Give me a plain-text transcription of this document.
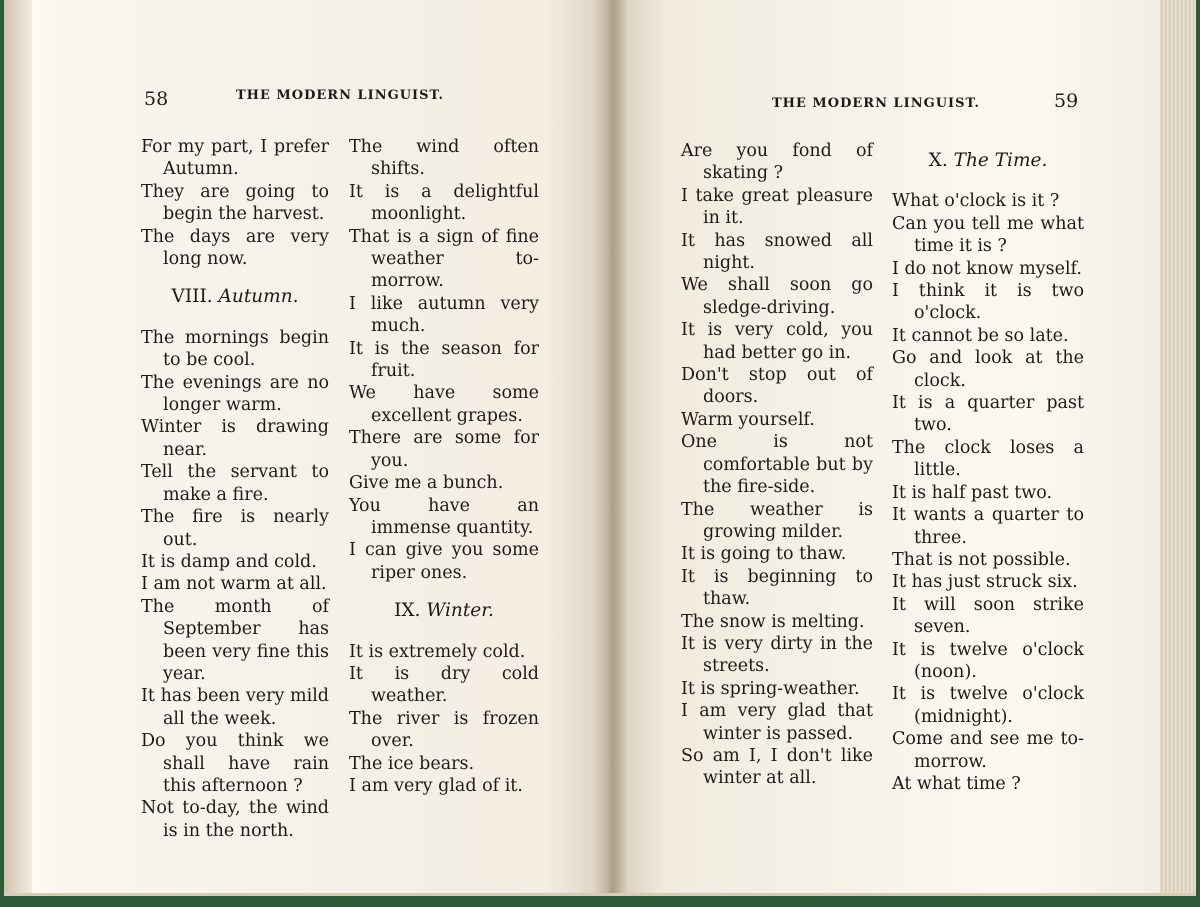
58	THE MODERN LINGUIST.

For my part, I prefer Autumn.

They are going to begin the harvest.

The days are very long now.

VIII. Autumn.

The mornings begin to be cool.

The evenings are no longer warm.

Winter is drawing near.

Tell the servant to make a fire.

The fire is nearly out.

It is damp and cold.

I am not warm at all.

The month of September has been very fine this year.

It has been very mild all the week.

Do you think we shall have rain this afternoon ?

Not to-day, the wind is in the north.

The wind often shifts.

It is a delightful moonlight.

That is a sign of fine weather to-morrow.

I like autumn very much.

It is the season for fruit.

We have some excellent grapes.

There are some for you.

Give me a bunch.

You have an immense quantity.

I can give you some riper ones.

IX. Winter.

It is extremely cold.

It is dry cold weather.

The river is frozen over.

The ice bears.

I am very glad of it.

THE MODERN LINGUIST.	59

Are you fond of skating ?

I take great pleasure in it.

It has snowed all night.

We shall soon go sledge-driving.

It is very cold, you had better go in.

Don't stop out of doors.

Warm yourself.

One is not comfortable but by the fire-side.

The weather is growing milder.

It is going to thaw.

It is beginning to thaw.

The snow is melting.

It is very dirty in the streets.

It is spring-weather.

I am very glad that winter is passed.

So am I, I don't like winter at all.

X. The Time.

What o'clock is it ?

Can you tell me what time it is ?

I do not know myself.

I think it is two o'clock.

It cannot be so late.

Go and look at the clock.

It is a quarter past two.

The clock loses a little.

It is half past two.

It wants a quarter to three.

That is not possible.

It has just struck six.

It will soon strike seven.

It is twelve o'clock (noon).

It is twelve o'clock (midnight).

Come and see me to-morrow.

At what time ?
